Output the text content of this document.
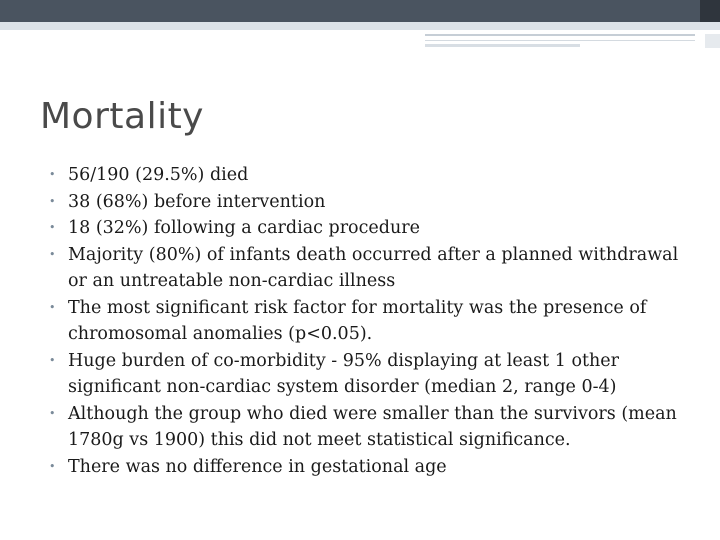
Mortality
• 56/190 (29.5%) died
• 38 (68%) before intervention
• 18 (32%) following a cardiac procedure
• Majority (80%) of infants death occurred after a planned withdrawal or an untreatable non-cardiac illness
• The most significant risk factor for mortality was the presence of chromosomal anomalies (p<0.05).
• Huge burden of co-morbidity - 95% displaying at least 1 other significant non-cardiac system disorder (median 2, range 0-4)
• Although the group who died were smaller than the survivors (mean 1780g vs 1900) this did not meet statistical significance.
• There was no difference in gestational age
